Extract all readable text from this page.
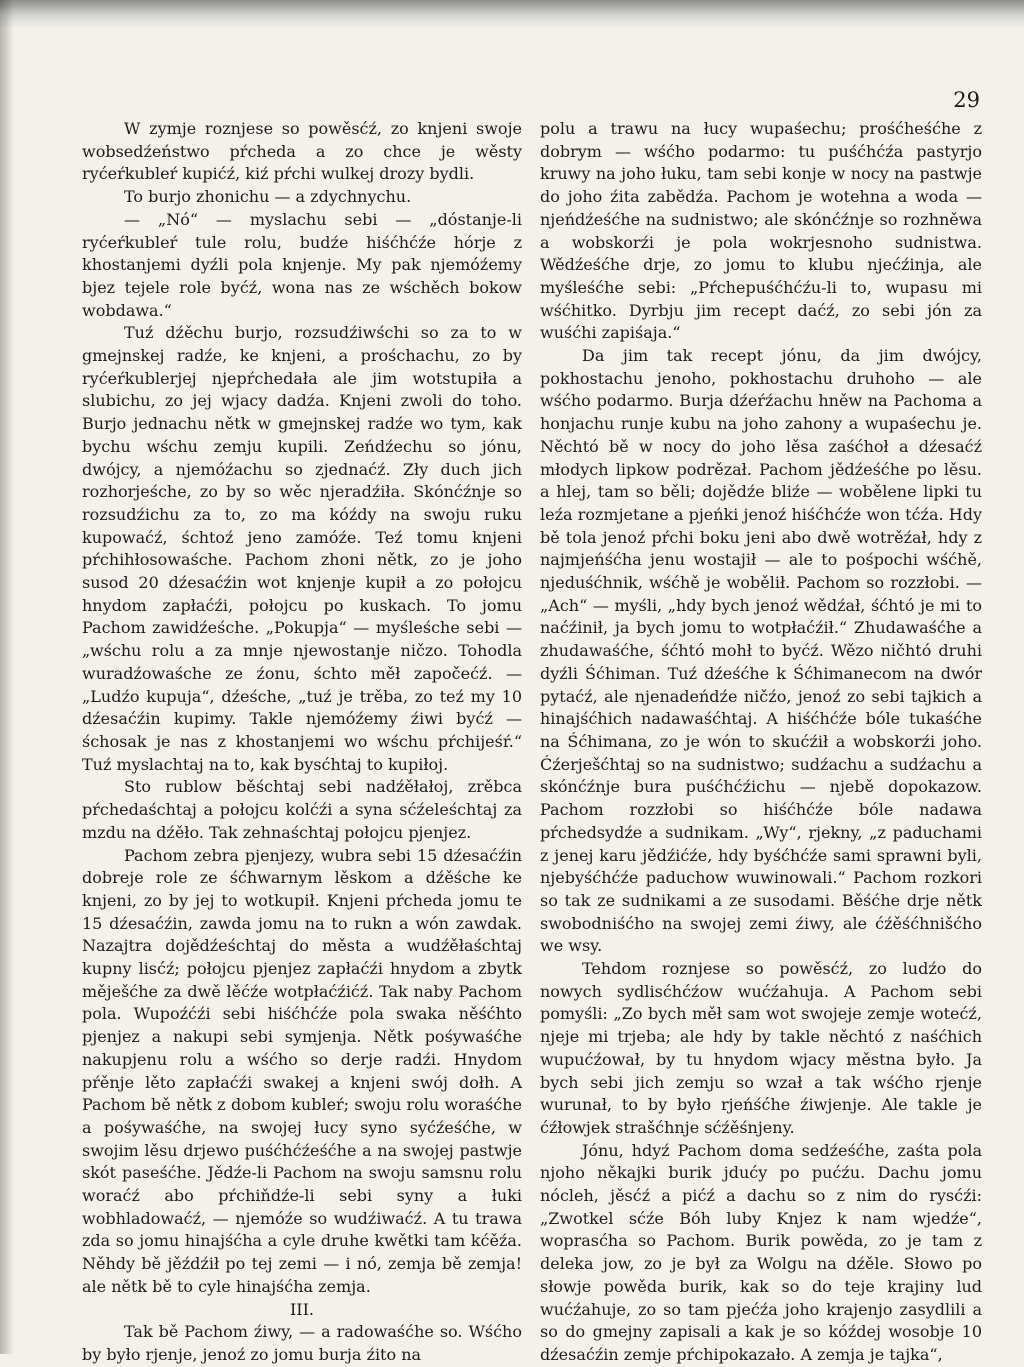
29

W zymje roznjese so powěsćź, zo knjeni swoje wobsedźeństwo pŕcheda a zo chce je wěsty ryćeŕkubleŕ kupićź, kiź pŕchi wulkej drozy bydli.

To burjo zhonichu — a zdychnychu.

— „Nó“ — myslachu sebi — „dóstanje-li ryćeŕkubleŕ tule rolu, budźe hiśćhćźe hórje z khostanjemi dyźli pola knjenje. My pak njemóźemy bjez tejele role byćź, wona nas ze wśchěch bokow wobdawa.“

Tuź dźěchu burjo, rozsudźiwśchi so za to w gmejnskej radźe, ke knjeni, a prośchachu, zo by ryćeŕkublerjej njepŕchedała ale jim wotstupiła a slubichu, zo jej wjacy dadźa. Knjeni zwoli do toho. Burjo jednachu nětk w gmejnskej radźe wo tym, kak bychu wśchu zemju kupili. Zeńdźechu so jónu, dwójcy, a njemóźachu so zjednaćź. Zły duch jich rozhorjeśche, zo by so wěc njeradźiła. Skónćźnje so rozsudźichu za to, zo ma kóźdy na swoju ruku kupowaćź, śchtoź jeno zamóźe. Teź tomu knjeni pŕchihłosowaśche. Pachom zhoni nětk, zo je joho susod 20 dźesaćźin wot knjenje kupił a zo połojcu hnydom zapłaćźi, połojcu po kuskach. To jomu Pachom zawidźeśche. „Pokupja“ — myśleśche sebi — „wśchu rolu a za mnje njewostanje ničzo. Tohodla wuradźowaśche ze źonu, śchto měł započećź. — „Ludźo kupuja“, dźeśche, „tuź je trěba, zo teź my 10 dźesaćźin kupimy. Takle njemóźemy źiwi byćź — śchosak je nas z khostanjemi wo wśchu pŕchijeśŕ.“ Tuź myslachtaj na to, kak bysćhtaj to kupiłoj.

Sto rublow běśchtaj sebi nadźěłałoj, zrěbca pŕchedaśchtaj a połojcu kolćźi a syna sćźeleśchtaj za mzdu na dźěło. Tak zehnaśchtaj połojcu pjenjez.

Pachom zebra pjenjezy, wubra sebi 15 dźesaćźin dobreje role ze śćhwarnym lěskom a dźěśche ke knjeni, zo by jej to wotkupił. Knjeni pŕcheda jomu te 15 dźesaćźin, zawda jomu na to rukn a wón zawdak. Nazajtra dojědźeśchtaj do města a wudźěłaśchtaj kupny lisćź; połojcu pjenjez zapłaćźi hnydom a zbytk měješćhe za dwě lěćźe wotpłaćźićź. Tak naby Pachom pola. Wupoźćźi sebi hiśćhćźe pola swaka něśćhto pjenjez a nakupi sebi symjenja. Nětk pośywaśćhe nakupjenu rolu a wśćho so derje radźi. Hnydom pŕěnje lěto zapłaćźi swakej a knjeni swój dołh. A Pachom bě nětk z dobom kubleŕ; swoju rolu woraśćhe a pośywaśćhe, na swojej łucy syno syćźeśćhe, w swojim lěsu drjewo puśćhćźeśćhe a na swojej pastwje skót paseśćhe. Jědźe-li Pachom na swoju samsnu rolu woraćź abo pŕchiňdźe-li sebi syny a łuki wobhladowaćź, — njemóźe so wudźiwaćź. A tu trawa zda so jomu hinajśćha a cyle druhe kwětki tam kćěźa. Něhdy bě jěźdźił po tej zemi — i nó, zemja bě zemja! ale nětk bě to cyle hinajśćha zemja.

III.

Tak bě Pachom źiwy, — a radowaśćhe so. Wśćho by było rjenje, jenoź zo jomu burja źito na

polu a trawu na łucy wupaśechu; prośćheśćhe z dobrym — wśćho podarmo: tu puśćhćźa pastyrjo kruwy na joho łuku, tam sebi konje w nocy na pastwje do joho źita zabědźa. Pachom je wotehna a woda — njeńdźeśćhe na sudnistwo; ale skónćźnje so rozhněwa a wobskorźi je pola wokrjesnoho sudnistwa. Wědźeśćhe drje, zo jomu to klubu njećźinja, ale myśleśćhe sebi: „Pŕchepuśćhćźu-li to, wupasu mi wśćhitko. Dyrbju jim recept daćź, zo sebi jón za wuśćhi zapiśaja.“

Da jim tak recept jónu, da jim dwójcy, pokhostachu jenoho, pokhostachu druhoho — ale wśćho podarmo. Burja dźeŕźachu hněw na Pachoma a honjachu runje kubu na joho zahony a wupaśechu je. Něchtó bě w nocy do joho lěsa zaśćhoł a dźesaćź młodych lipkow podrězał. Pachom jědźeśćhe po lěsu. a hlej, tam so běli; dojědźe bliźe — wobělene lipki tu leźa rozmjetane a pjeńki jenoź hiśćhćźe won tćźa. Hdy bě tola jenoź pŕchi boku jeni abo dwě wotrěźał, hdy z najmjeńśćha jenu wostajił — ale to pośpochi wśćhě, njeduśćhnik, wśćhě je wobělił. Pachom so rozzłobi. — „Ach“ — myśli, „hdy bych jenoź wědźał, śćhtó je mi to naćźinił, ja bych jomu to wotpłaćźił.“ Zhudawaśćhe a zhudawaśćhe, śćhtó mohł to byćź. Wězo ničhtó druhi dyźli Śćhiman. Tuź dźeśćhe k Śćhimanecom na dwór pytaćź, ale njenadeńdźe ničźo, jenoź zo sebi tajkich a hinajśćhich nadawaśćhtaj. A hiśćhćźe bóle tukaśćhe na Śćhimana, zo je wón to skućźił a wobskorźi joho. Ćźerješćhtaj so na sudnistwo; sudźachu a sudźachu a skónćźnje bura puśćhćźichu — njebě dopokazow. Pachom rozzłobi so hiśćhćźe bóle nadawa pŕchedsydźe a sudnikam. „Wy“, rjekny, „z paduchami z jenej karu jědźićźe, hdy byśćhćźe sami sprawni byli, njebyśćhćźe paduchow wuwinowali.“ Pachom rozkori so tak ze sudnikami a ze susodami. Běśćhe drje nětk swobodniśćho na swojej zemi źiwy, ale ćźěśćhnišćho we wsy.

Tehdom roznjese so powěsćź, zo ludźo do nowych sydlisćhćźow wućźahuja. A Pachom sebi pomyśli: „Zo bych měł sam wot swojeje zemje wotećź, njeje mi trjeba; ale hdy by takle něchtó z naśćhich wupućźował, by tu hnydom wjacy městna było. Ja bych sebi jich zemju so wzał a tak wśćho rjenje wurunał, to by było rjeńśćhe źiwjenje. Ale takle je ćźłowjek strašćhnje sćźěśnjeny.

Jónu, hdyź Pachom doma sedźeśćhe, zaśta pola njoho někajki burik jdućy po pućźu. Dachu jomu nócleh, jěsćź a pićź a dachu so z nim do rysćźi: „Zwotkel sćźe Bóh luby Knjez k nam wjedźe“, woprasćha so Pachom. Burik powěda, zo je tam z deleka jow, zo je był za Wolgu na dźěle. Słowo po słowje powěda burik, kak so do teje krajiny lud wućźahuje, zo so tam pjećźa joho krajenjo zasydlili a so do gmejny zapisali a kak je so kóźdej wosobje 10 dźesaćźin zemje pŕchipokazało. A zemja je tajka“,
